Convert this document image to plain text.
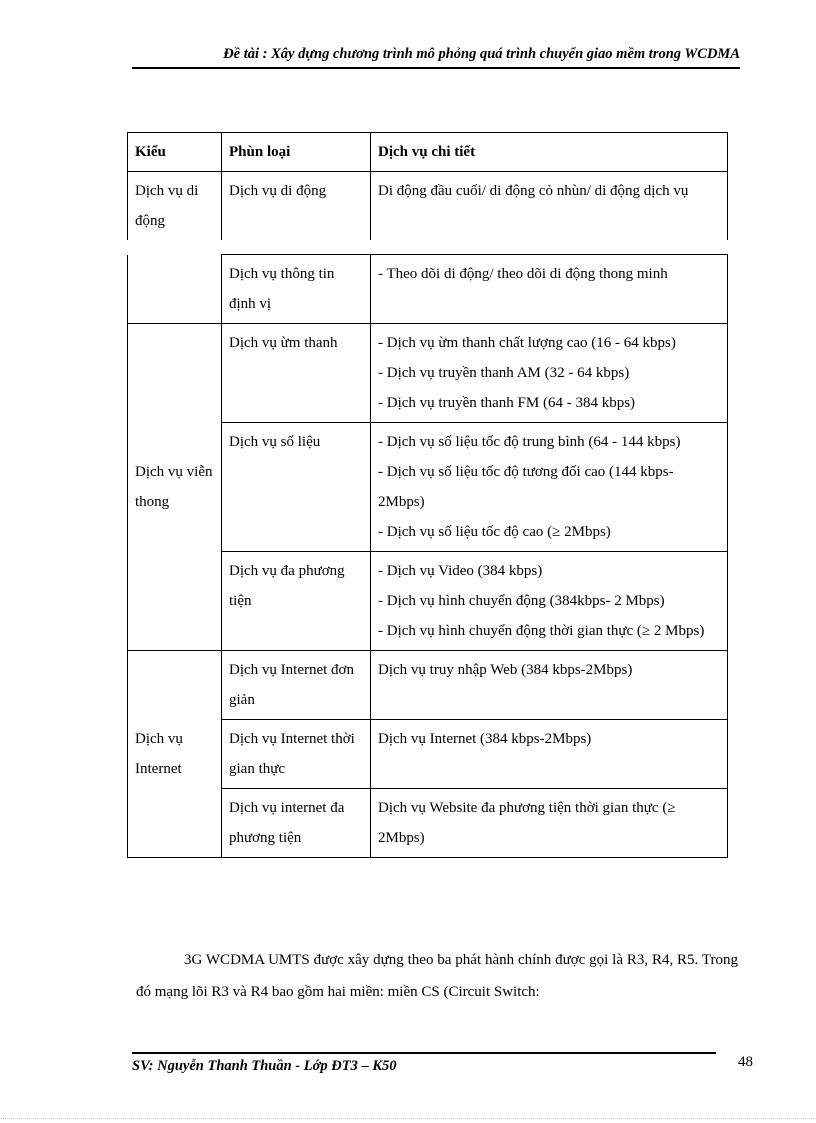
Đề tài : Xây dựng chương trình mô phỏng quá trình chuyển giao mềm trong WCDMA
Kiểu	Phùn loại	Dịch vụ chi tiết
Dịch vụ di động	Dịch vụ di động	Di động đầu cuối/ di động cỏ nhùn/ di động dịch vụ
	Dịch vụ thông tin định vị	- Theo dõi di động/ theo dõi di động thong minh

Dịch vụ viễn thong	Dịch vụ ừm thanh	- Dịch vụ ừm thanh chất lượng cao (16 - 64 kbps)
- Dịch vụ truyền thanh AM (32 - 64 kbps)
- Dịch vụ truyền thanh FM (64 - 384 kbps)

	Dịch vụ số liệu	- Dịch vụ số liệu tốc độ trung bình (64 - 144 kbps)
- Dịch vụ số liệu tốc độ tương đối cao (144 kbps- 2Mbps)
- Dịch vụ số liệu tốc độ cao (≥ 2Mbps)

	Dịch vụ đa phương tiện	- Dịch vụ Video (384 kbps)
- Dịch vụ hình chuyển động (384kbps- 2 Mbps)
- Dịch vụ hình chuyển động thời gian thực (≥ 2 Mbps)

Dịch vụ Internet	Dịch vụ Internet đơn giản	Dịch vụ truy nhập Web (384 kbps-2Mbps)

	Dịch vụ Internet thời gian thực	Dịch vụ Internet (384 kbps-2Mbps)

	Dịch vụ internet đa phương tiện	Dịch vụ Website đa phương tiện thời gian thực (≥ 2Mbps)
3G WCDMA UMTS được xây dựng theo ba phát hành chính được gọi là R3, R4, R5. Trong đó mạng lõi R3 và R4 bao gồm hai miền: miền CS (Circuit Switch:
SV: Nguyễn Thanh Thuần - Lớp ĐT3 – K50	48
